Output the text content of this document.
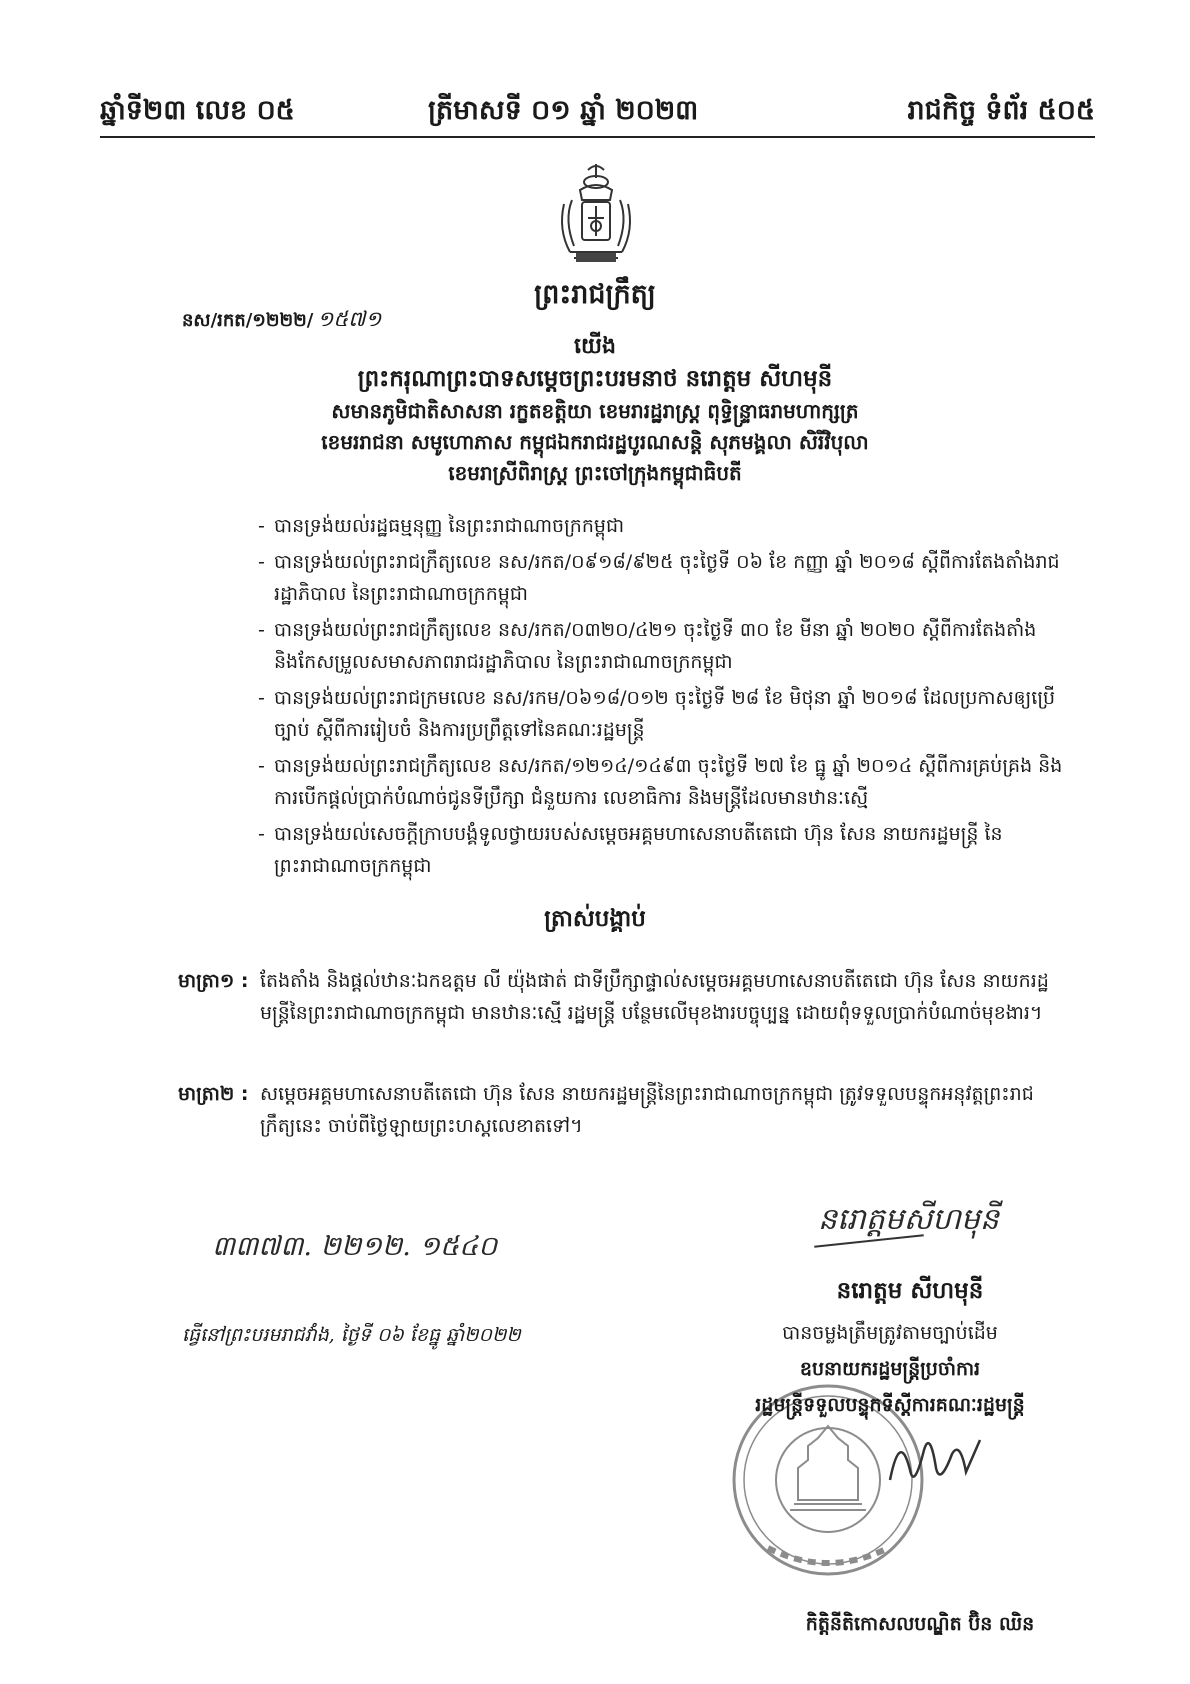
ឆ្នាំទី២៣ លេខ ០៥	ត្រីមាសទី ០១ ឆ្នាំ ២០២៣	រាជកិច្ច ទំព័រ ៥០៥
ព្រះរាជក្រឹត្យ
នស/រកត/១២២២/ ១៥៧១
យើង
ព្រះករុណាព្រះបាទសម្តេចព្រះបរមនាថ នរោត្តម សីហមុនី
សមានភូមិជាតិសាសនា រក្ខតខត្តិយា ខេមរារដ្ឋរាស្ត្រ ពុទ្ធិន្ទ្រាធរាមហាក្សត្រ
ខេមររាជនា សមូហោភាស កម្ពុជឯករាជរដ្ឋបូរណសន្តិ សុភមង្គលា សិរីវិបុលា
ខេមរាស្រីពិរាស្ត្រ ព្រះចៅក្រុងកម្ពុជាធិបតី
- បានទ្រង់យល់រដ្ឋធម្មនុញ្ញ នៃព្រះរាជាណាចក្រកម្ពុជា
- បានទ្រង់យល់ព្រះរាជក្រឹត្យលេខ នស/រកត/០៩១៨/៩២៥ ចុះថ្ងៃទី ០៦ ខែ កញ្ញា ឆ្នាំ ២០១៨ ស្តីពីការតែងតាំងរាជរដ្ឋាភិបាល នៃព្រះរាជាណាចក្រកម្ពុជា
- បានទ្រង់យល់ព្រះរាជក្រឹត្យលេខ នស/រកត/០៣២០/៤២១ ចុះថ្ងៃទី ៣០ ខែ មីនា ឆ្នាំ ២០២០ ស្តីពីការតែងតាំង និងកែសម្រួលសមាសភាពរាជរដ្ឋាភិបាល នៃព្រះរាជាណាចក្រកម្ពុជា
- បានទ្រង់យល់ព្រះរាជក្រមលេខ នស/រកម/០៦១៨/០១២ ចុះថ្ងៃទី ២៨ ខែ មិថុនា ឆ្នាំ ២០១៨ ដែលប្រកាសឲ្យប្រើច្បាប់ ស្តីពីការរៀបចំ និងការប្រព្រឹត្តទៅនៃគណៈរដ្ឋមន្ត្រី
- បានទ្រង់យល់ព្រះរាជក្រឹត្យលេខ នស/រកត/១២១៤/១៤៩៣ ចុះថ្ងៃទី ២៧ ខែ ធ្នូ ឆ្នាំ ២០១៤ ស្តីពីការគ្រប់គ្រង និងការបើកផ្តល់ប្រាក់បំណាច់ជូនទីប្រឹក្សា ជំនួយការ លេខាធិការ និងមន្ត្រីដែលមានឋានៈស្មើ
- បានទ្រង់យល់សេចក្តីក្រាបបង្គំទូលថ្វាយរបស់សម្តេចអគ្គមហាសេនាបតីតេជោ ហ៊ុន សែន នាយករដ្ឋមន្ត្រី នៃព្រះរាជាណាចក្រកម្ពុជា
ត្រាស់បង្គាប់
មាត្រា១ : តែងតាំង និងផ្តល់ឋានៈឯកឧត្តម លី យ៉ុងផាត់ ជាទីប្រឹក្សាផ្ទាល់សម្តេចអគ្គមហាសេនាបតីតេជោ ហ៊ុន សែន នាយករដ្ឋមន្ត្រីនៃព្រះរាជាណាចក្រកម្ពុជា មានឋានៈស្មើ រដ្ឋមន្ត្រី បន្ថែមលើមុខងារបច្ចុប្បន្ន ដោយពុំទទួលប្រាក់បំណាច់មុខងារ។
មាត្រា២ : សម្តេចអគ្គមហាសេនាបតីតេជោ ហ៊ុន សែន នាយករដ្ឋមន្ត្រីនៃព្រះរាជាណាចក្រកម្ពុជា ត្រូវទទួលបន្ទុកអនុវត្តព្រះរាជក្រឹត្យនេះ ចាប់ពីថ្ងៃឡាយព្រះហស្តលេខាតទៅ។
៣៣៧៣. ២២១២. ១៥៤០
ធ្វើនៅព្រះបរមរាជវាំង, ថ្ងៃទី ០៦ ខែធ្នូ ឆ្នាំ២០២២
នរោត្តមសីហមុនី
នរោត្តម សីហមុនី
បានចម្លងត្រឹមត្រូវតាមច្បាប់ដើម
ឧបនាយករដ្ឋមន្ត្រីប្រចាំការ
រដ្ឋមន្ត្រីទទួលបន្ទុកទីស្តីការគណៈរដ្ឋមន្ត្រី
កិត្តិនីតិកោសលបណ្ឌិត ប៊ិន ឈិន
